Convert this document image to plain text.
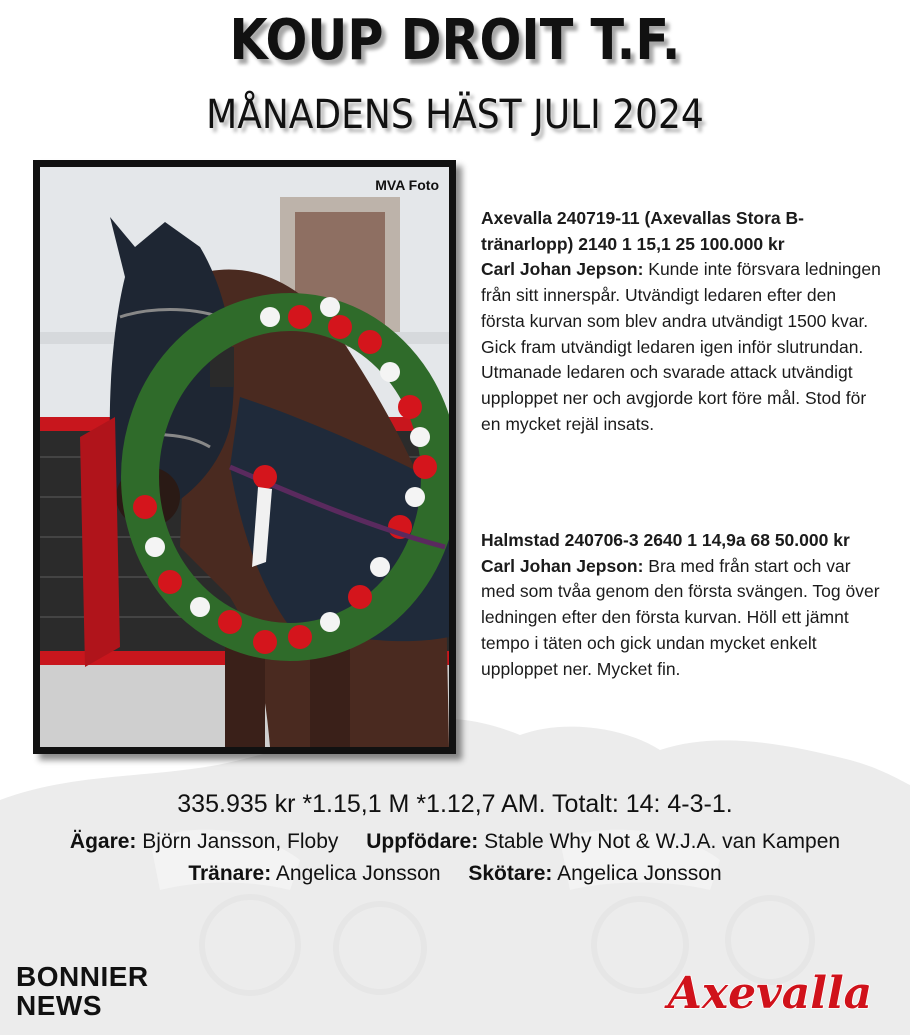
KOUP DROIT T.F.
MÅNADENS HÄST JULI 2024
MVA Foto
Axevalla 240719-11 (Axevallas Stora B-tränarlopp) 2140 1 15,1 25 100.000 kr
Carl Johan Jepson: Kunde inte försvara ledningen från sitt innerspår. Utvändigt ledaren efter den första kurvan som blev andra utvändigt 1500 kvar. Gick fram utvändigt ledaren igen inför slutrundan. Utmanade ledaren och svarade attack utvändigt upploppet ner och avgjorde kort före mål. Stod för en mycket rejäl insats.
Halmstad 240706-3 2640 1 14,9a 68 50.000 kr Carl Johan Jepson: Bra med från start och var med som tvåa genom den första svängen. Tog över ledningen efter den första kurvan. Höll ett jämnt tempo i täten och gick undan mycket enkelt upploppet ner. Mycket fin.
335.935 kr *1.15,1 M *1.12,7 AM. Totalt: 14: 4-3-1.
Ägare: Björn Jansson, Floby Uppfödare: Stable Why Not & W.J.A. van Kampen
Tränare: Angelica Jonsson Skötare: Angelica Jonsson
BONNIER
NEWS	Axevalla
